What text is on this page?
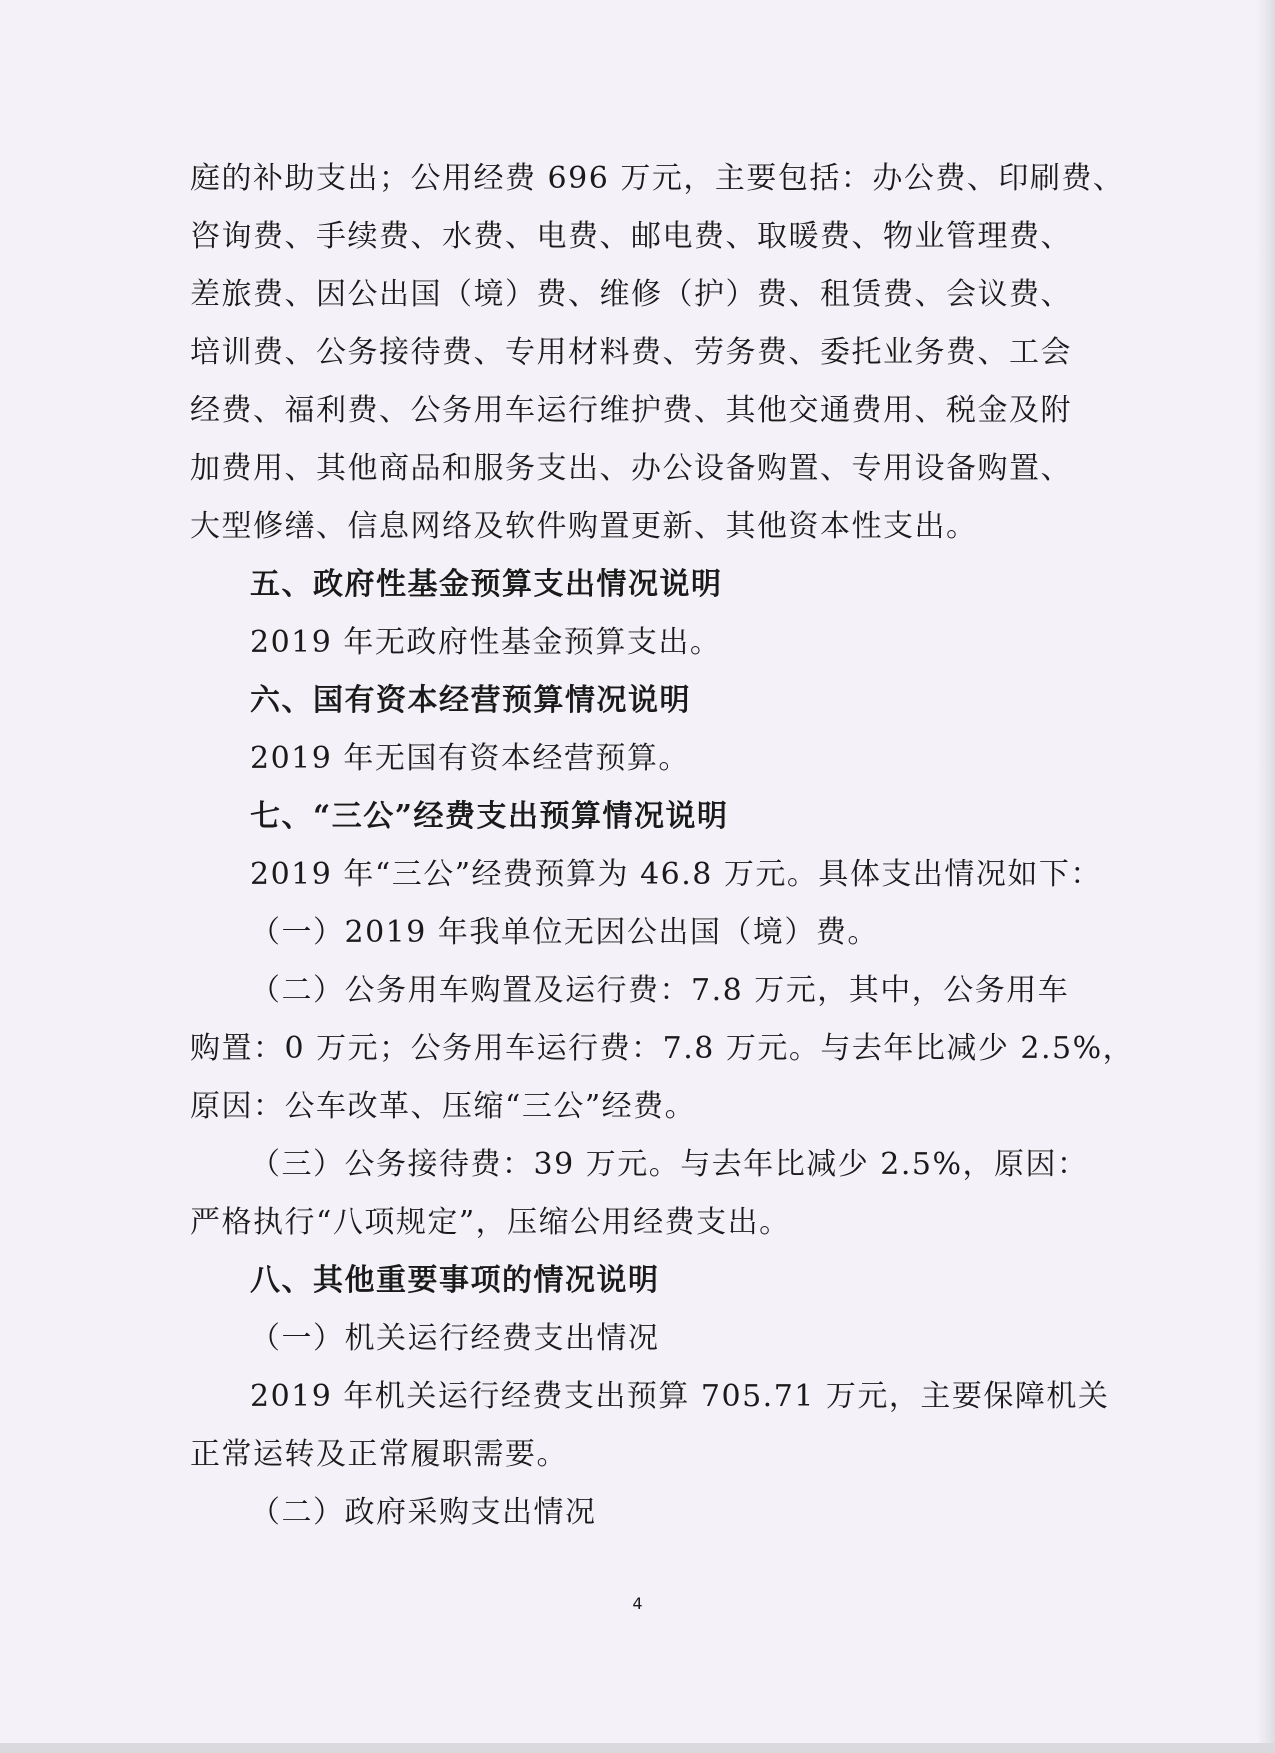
庭的补助支出；公用经费 696 万元，主要包括：办公费、印刷费、
咨询费、手续费、水费、电费、邮电费、取暖费、物业管理费、
差旅费、因公出国（境）费、维修（护）费、租赁费、会议费、
培训费、公务接待费、专用材料费、劳务费、委托业务费、工会
经费、福利费、公务用车运行维护费、其他交通费用、税金及附
加费用、其他商品和服务支出、办公设备购置、专用设备购置、
大型修缮、信息网络及软件购置更新、其他资本性支出。
五、政府性基金预算支出情况说明
2019 年无政府性基金预算支出。
六、国有资本经营预算情况说明
2019 年无国有资本经营预算。
七、“三公”经费支出预算情况说明
2019 年“三公”经费预算为 46.8 万元。具体支出情况如下：
（一）2019 年我单位无因公出国（境）费。
（二）公务用车购置及运行费：7.8 万元，其中，公务用车
购置：0 万元；公务用车运行费：7.8 万元。与去年比减少 2.5%，
原因：公车改革、压缩“三公”经费。
（三）公务接待费：39 万元。与去年比减少 2.5%，原因：
严格执行“八项规定”，压缩公用经费支出。
八、其他重要事项的情况说明
（一）机关运行经费支出情况
2019 年机关运行经费支出预算 705.71 万元，主要保障机关
正常运转及正常履职需要。
（二）政府采购支出情况
4
